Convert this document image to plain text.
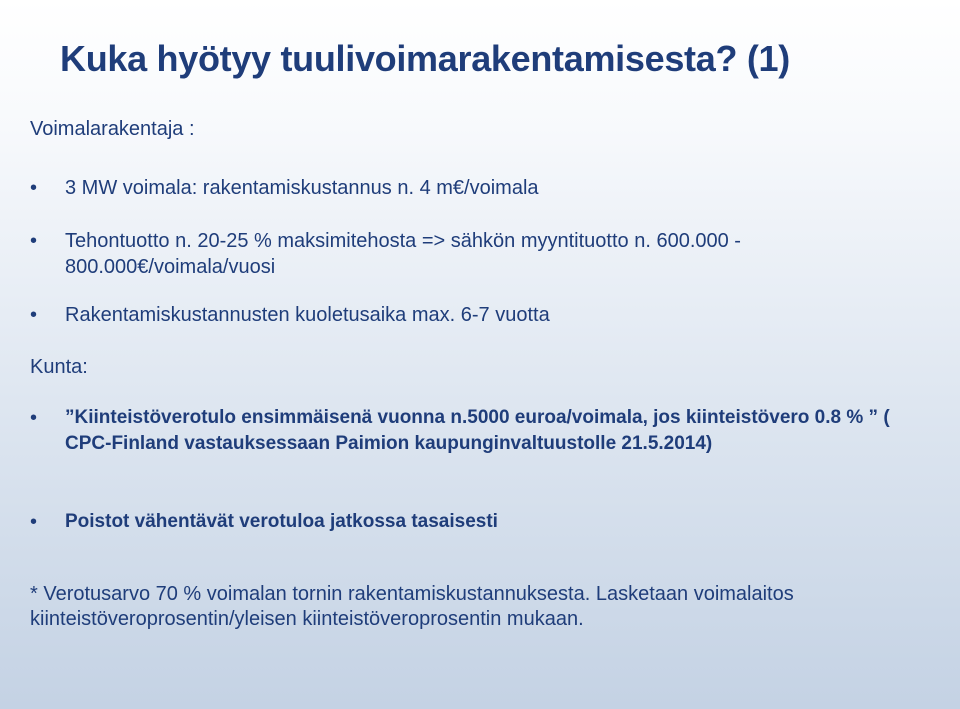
Kuka hyötyy tuulivoimarakentamisesta? (1)

Voimalarakentaja :

•	3 MW voimala: rakentamiskustannus n. 4 m€/voimala
•	Tehontuotto n. 20-25 % maksimitehosta => sähkön myyntituotto n. 600.000 - 800.000€/voimala/vuosi
•	Rakentamiskustannusten kuoletusaika max. 6-7 vuotta

Kunta:

•	”Kiinteistöverotulo ensimmäisenä vuonna n.5000 euroa/voimala, jos kiinteistövero 0.8 % ” ( CPC-Finland vastauksessaan Paimion kaupunginvaltuustolle 21.5.2014)
•	Poistot vähentävät verotuloa jatkossa tasaisesti

* Verotusarvo 70 % voimalan tornin rakentamiskustannuksesta. Lasketaan voimalaitos kiinteistöveroprosentin/yleisen kiinteistöveroprosentin mukaan.
